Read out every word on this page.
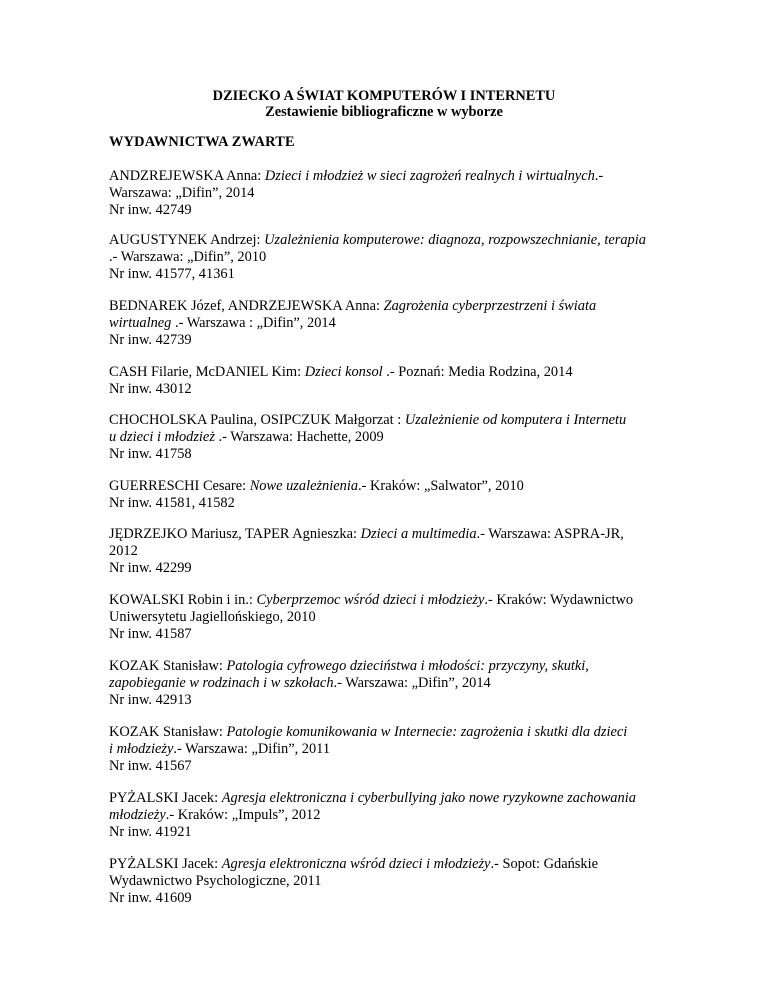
DZIECKO A ŚWIAT KOMPUTERÓW I INTERNETU
Zestawienie bibliograficzne w wyborze
WYDAWNICTWA ZWARTE
ANDZREJEWSKA Anna: Dzieci i młodzież w sieci zagrożeń realnych i wirtualnych.-
Warszawa: „Difin”, 2014
Nr inw. 42749
AUGUSTYNEK Andrzej: Uzależnienia komputerowe: diagnoza, rozpowszechnianie, terapia
.- Warszawa: „Difin”, 2010
Nr inw. 41577, 41361
BEDNAREK Józef, ANDRZEJEWSKA Anna: Zagrożenia cyberprzestrzeni i świata
wirtualneg .- Warszawa : „Difin”, 2014
Nr inw. 42739
CASH Filarie, McDANIEL Kim: Dzieci konsol .- Poznań: Media Rodzina, 2014
Nr inw. 43012
CHOCHOLSKA Paulina, OSIPCZUK Małgorzat : Uzależnienie od komputera i Internetu
u dzieci i młodzież .- Warszawa: Hachette, 2009
Nr inw. 41758
GUERRESCHI Cesare: Nowe uzależnienia.- Kraków: „Salwator”, 2010
Nr inw. 41581, 41582
JĘDRZEJKO Mariusz, TAPER Agnieszka: Dzieci a multimedia.- Warszawa: ASPRA-JR,
2012
Nr inw. 42299
KOWALSKI Robin i in.: Cyberprzemoc wśród dzieci i młodzieży.- Kraków: Wydawnictwo
Uniwersytetu Jagiellońskiego, 2010
Nr inw. 41587
KOZAK Stanisław: Patologia cyfrowego dzieciństwa i młodości: przyczyny, skutki,
zapobieganie w rodzinach i w szkołach.- Warszawa: „Difin”, 2014
Nr inw. 42913
KOZAK Stanisław: Patologie komunikowania w Internecie: zagrożenia i skutki dla dzieci
i młodzieży.- Warszawa: „Difin”, 2011
Nr inw. 41567
PYŻALSKI Jacek: Agresja elektroniczna i cyberbullying jako nowe ryzykowne zachowania
młodzieży.- Kraków: „Impuls”, 2012
Nr inw. 41921
PYŻALSKI Jacek: Agresja elektroniczna wśród dzieci i młodzieży.- Sopot: Gdańskie
Wydawnictwo Psychologiczne, 2011
Nr inw. 41609
